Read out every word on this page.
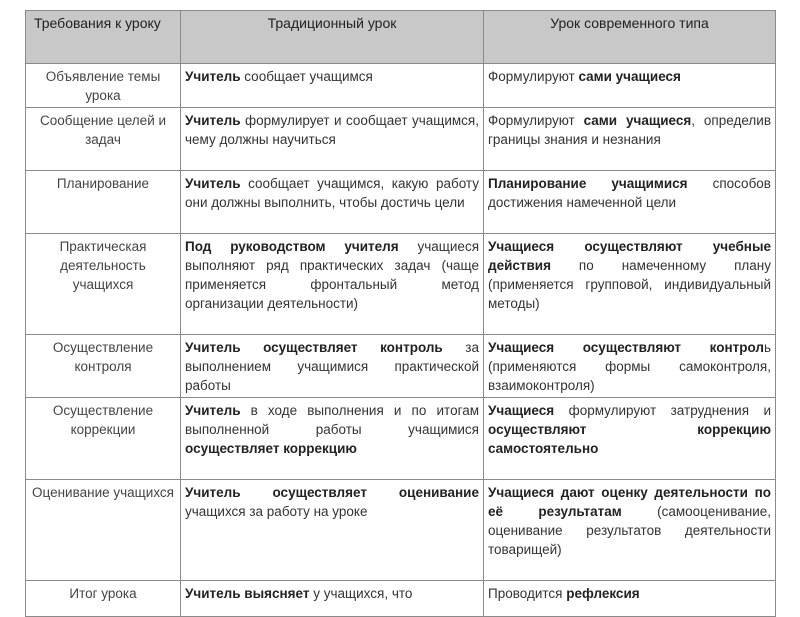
Требования к уроку	Традиционный урок	Урок современного типа
Объявление темы урока	Учитель сообщает учащимся	Формулируют сами учащиеся
Сообщение целей и задач	Учитель формулирует и сообщает учащимся, чему должны научиться	Формулируют сами учащиеся, определив границы знания и незнания
Планирование	Учитель сообщает учащимся, какую работу они должны выполнить, чтобы достичь цели	Планирование учащимися способов достижения намеченной цели
Практическая деятельность учащихся	Под руководством учителя учащиеся выполняют ряд практических задач (чаще применяется фронтальный метод организации деятельности)	Учащиеся осуществляют учебные действия по намеченному плану (применяется групповой, индивидуальный методы)
Осуществление контроля	Учитель осуществляет контроль за выполнением учащимися практической работы	Учащиеся осуществляют контроль (применяются формы самоконтроля, взаимоконтроля)
Осуществление коррекции	Учитель в ходе выполнения и по итогам выполненной работы учащимися осуществляет коррекцию	Учащиеся формулируют затруднения и осуществляют коррекцию самостоятельно
Оценивание учащихся	Учитель осуществляет оценивание учащихся за работу на уроке	Учащиеся дают оценку деятельности по её результатам (самооценивание, оценивание результатов деятельности товарищей)
Итог урока	Учитель выясняет у учащихся, что	Проводится рефлексия
